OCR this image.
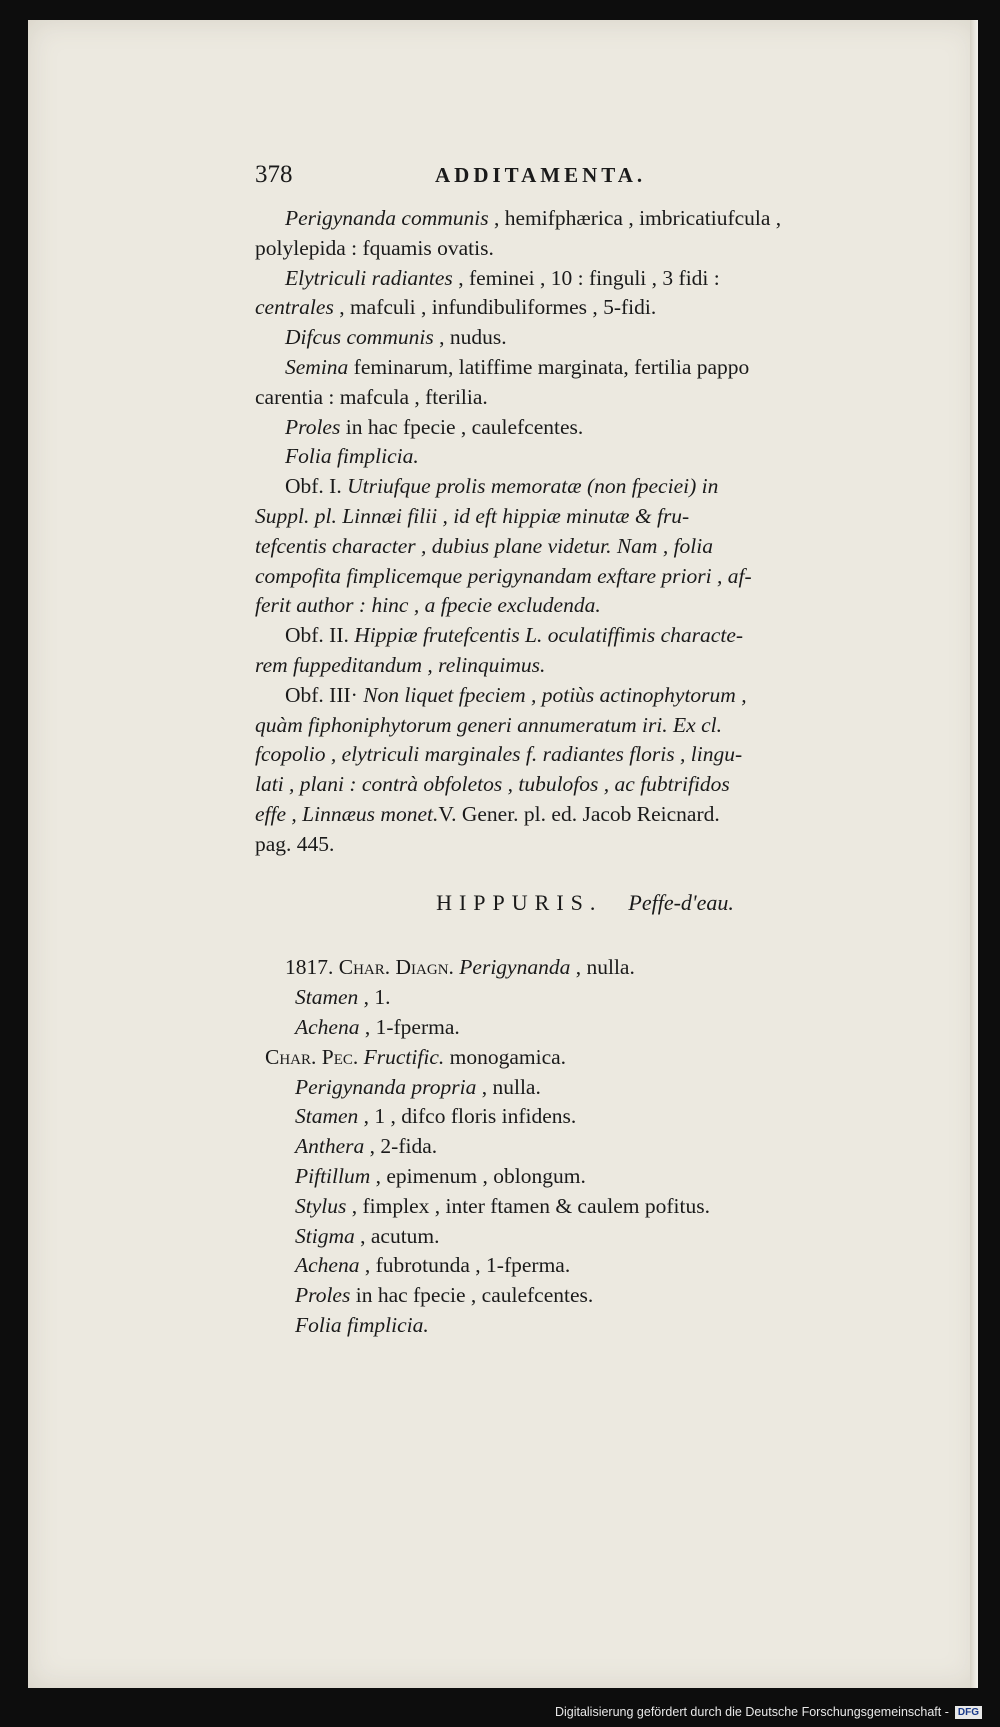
378	ADDITAMENTA.
Perigynanda communis , hemifphærica , imbricatiufcula ,
polylepida : fquamis ovatis.
Elytriculi radiantes , feminei , 10 : finguli , 3 fidi :
centrales , mafculi , infundibuliformes , 5-fidi.
Difcus communis , nudus.
Semina feminarum, latiffime marginata, fertilia pappo
carentia : mafcula , fterilia.
Proles in hac fpecie , caulefcentes.
Folia fimplicia.
Obf. I. Utriufque prolis memoratæ (non fpeciei) in
Suppl. pl. Linnæi filii , id eft hippiæ minutæ & fru-
tefcentis character , dubius plane videtur. Nam , folia
compofita fimplicemque perigynandam exftare priori , af-
ferit author : hinc , a fpecie excludenda.
Obf. II. Hippiæ frutefcentis L. oculatiffimis characte-
rem fuppeditandum , relinquimus.
Obf. III· Non liquet fpeciem , potiùs actinophytorum ,
quàm fiphoniphytorum generi annumeratum iri. Ex cl.
fcopolio , elytriculi marginales f. radiantes floris , lingu-
lati , plani : contrà obfoletos , tubulofos , ac fubtrifidos
effe , Linnæus monet.V. Gener. pl. ed. Jacob Reicnard.
pag. 445.
HIPPURIS. Peffe-d'eau.
1817. Char. Diagn. Perigynanda , nulla.
Stamen , 1.
Achena , 1-fperma.
Char. Pec. Fructific. monogamica.
Perigynanda propria , nulla.
Stamen , 1 , difco floris infidens.
Anthera , 2-fida.
Piftillum , epimenum , oblongum.
Stylus , fimplex , inter ftamen & caulem pofitus.
Stigma , acutum.
Achena , fubrotunda , 1-fperma.
Proles in hac fpecie , caulefcentes.
Folia fimplicia.
Digitalisierung gefördert durch die Deutsche Forschungsgemeinschaft - DFG
